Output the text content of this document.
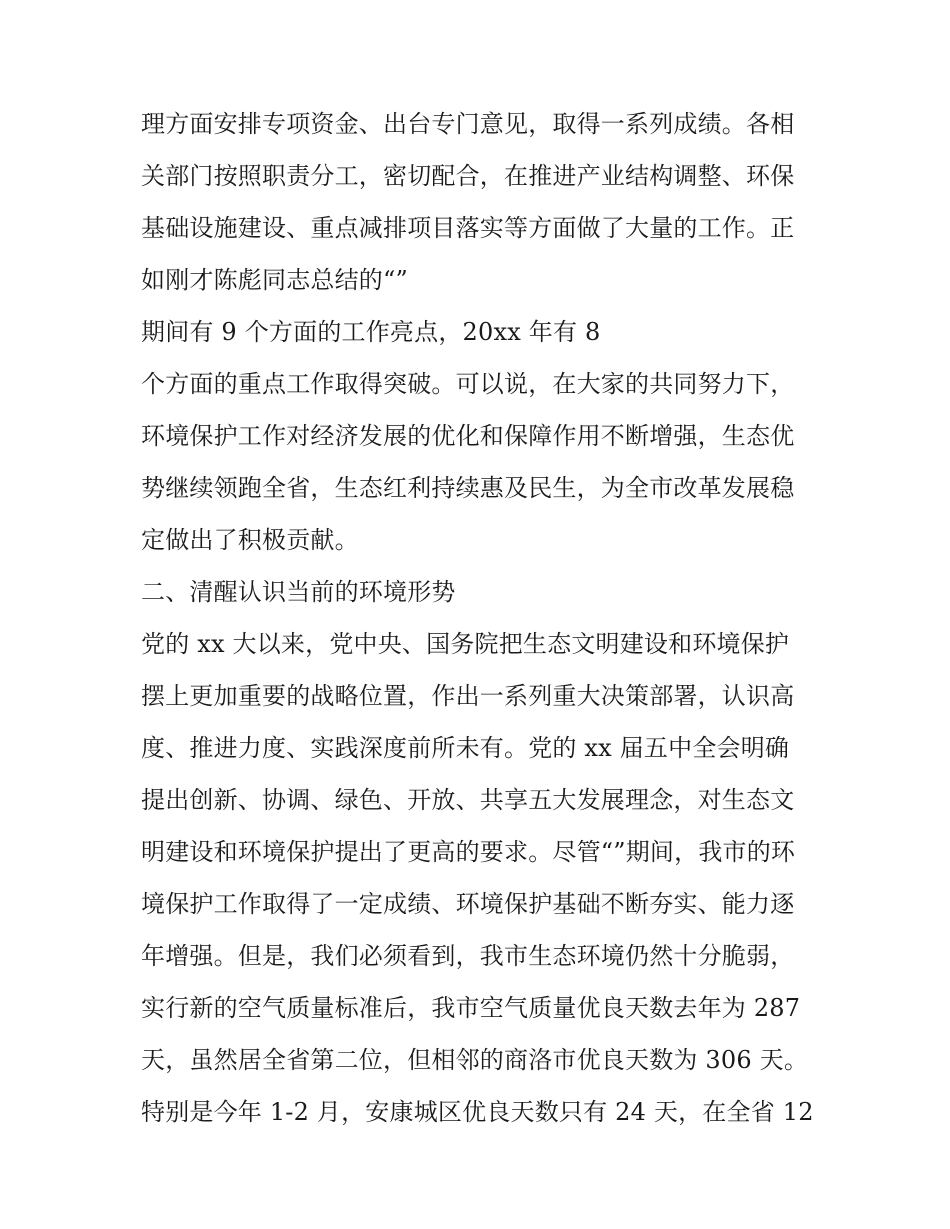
理方面安排专项资金、出台专门意见，取得一系列成绩。各相
关部门按照职责分工，密切配合，在推进产业结构调整、环保
基础设施建设、重点减排项目落实等方面做了大量的工作。正
如刚才陈彪同志总结的“”
期间有 9 个方面的工作亮点，20xx 年有 8
个方面的重点工作取得突破。可以说，在大家的共同努力下，
环境保护工作对经济发展的优化和保障作用不断增强，生态优
势继续领跑全省，生态红利持续惠及民生，为全市改革发展稳
定做出了积极贡献。
二、清醒认识当前的环境形势
党的 xx 大以来，党中央、国务院把生态文明建设和环境保护
摆上更加重要的战略位置，作出一系列重大决策部署，认识高
度、推进力度、实践深度前所未有。党的 xx 届五中全会明确
提出创新、协调、绿色、开放、共享五大发展理念，对生态文
明建设和环境保护提出了更高的要求。尽管“”期间，我市的环
境保护工作取得了一定成绩、环境保护基础不断夯实、能力逐
年增强。但是，我们必须看到，我市生态环境仍然十分脆弱，
实行新的空气质量标准后，我市空气质量优良天数去年为 287
天，虽然居全省第二位，但相邻的商洛市优良天数为 306 天。
特别是今年 1-2 月，安康城区优良天数只有 24 天，在全省 12
